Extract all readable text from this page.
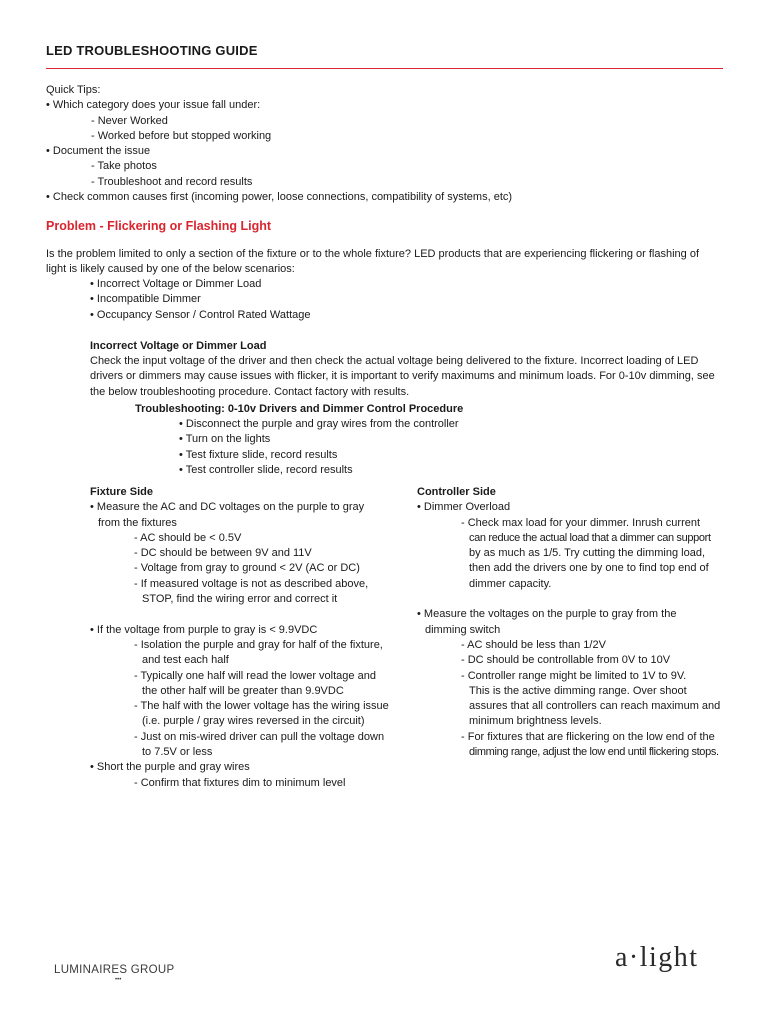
LED TROUBLESHOOTING GUIDE
Quick Tips:
• Which category does your issue fall under:
- Never Worked
- Worked before but stopped working
• Document the issue
- Take photos
- Troubleshoot and record results
• Check common causes first (incoming power, loose connections, compatibility of systems, etc)
Problem - Flickering or Flashing Light
Is the problem limited to only a section of the fixture or to the whole fixture? LED products that are experiencing flickering or flashing of
light is likely caused by one of the below scenarios:
• Incorrect Voltage or Dimmer Load
• Incompatible Dimmer
• Occupancy Sensor / Control Rated Wattage
Incorrect Voltage or Dimmer Load
Check the input voltage of the driver and then check the actual voltage being delivered to the fixture. Incorrect loading of LED
drivers or dimmers may cause issues with flicker, it is important to verify maximums and minimum loads. For 0-10v dimming, see
the below troubleshooting procedure. Contact factory with results.
Troubleshooting: 0-10v Drivers and Dimmer Control Procedure
• Disconnect the purple and gray wires from the controller
• Turn on the lights
• Test fixture slide, record results
• Test controller slide, record results
Fixture Side
• Measure the AC and DC voltages on the purple to gray
from the fixtures
- AC should be < 0.5V
- DC should be between 9V and 11V
- Voltage from gray to ground < 2V (AC or DC)
- If measured voltage is not as described above,
STOP, find the wiring error and correct it
• If the voltage from purple to gray is < 9.9VDC
- Isolation the purple and gray for half of the fixture,
and test each half
- Typically one half will read the lower voltage and
the other half will be greater than 9.9VDC
- The half with the lower voltage has the wiring issue
(i.e. purple / gray wires reversed in the circuit)
- Just on mis-wired driver can pull the voltage down
to 7.5V or less
• Short the purple and gray wires
- Confirm that fixtures dim to minimum level
Controller Side
• Dimmer Overload
- Check max load for your dimmer. Inrush current
can reduce the actual load that a dimmer can support
by as much as 1/5. Try cutting the dimming load,
then add the drivers one by one to find top end of
dimmer capacity.
• Measure the voltages on the purple to gray from the
dimming switch
- AC should be less than 1/2V
- DC should be controllable from 0V to 10V
- Controller range might be limited to 1V to 9V.
This is the active dimming range. Over shoot
assures that all controllers can reach maximum and
minimum brightness levels.
- For fixtures that are flickering on the low end of the
dimming range, adjust the low end until flickering stops.
LUMINAIRES GROUP
•••
a·light
